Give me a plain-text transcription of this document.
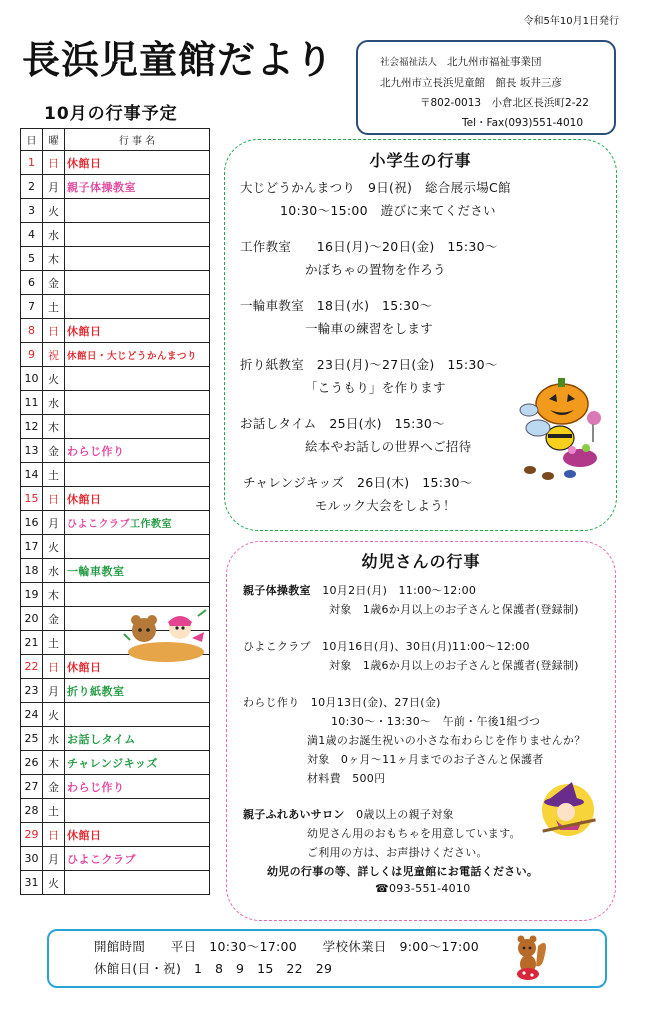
令和5年10月1日発行
長浜児童館だより	社会福祉法人 北九州市福祉事業団
北九州市立長浜児童館　館長 坂井三彦
〒802-0013　小倉北区長浜町2-22
Tel・Fax(093)551-4010
10月の行事予定
日	曜	行 事 名
1	日	休館日
2	月	親子体操教室
3	火	
4	水	
5	木	
6	金	
7	土	
8	日	休館日
9	祝	休館日・大じどうかんまつり
10	火	
11	水	
12	木	
13	金	わらじ作り
14	土	
15	日	休館日
16	月	ひよこクラブ工作教室
17	火	
18	水	一輪車教室
19	木	
20	金	
21	土	
22	日	休館日
23	月	折り紙教室
24	火	
25	水	お話しタイム
26	木	チャレンジキッズ
27	金	わらじ作り
28	土	
29	日	休館日
30	月	ひよこクラブ
31	火	
小学生の行事
大じどうかんまつり　9日(祝)　総合展示場C館
10:30～15:00　遊びに来てください
工作教室　　16日(月)～20日(金)　15:30～
かぼちゃの置物を作ろう
一輪車教室　18日(水)　15:30～
一輪車の練習をします
折り紙教室　23日(月)～27日(金)　15:30～
「こうもり」を作ります
お話しタイム　25日(水)　15:30～
絵本やお話しの世界へご招待
チャレンジキッズ　26日(木)　15:30～
モルック大会をしよう！
幼児さんの行事
親子体操教室 10月2日(月)　11:00～12:00
対象　1歳6か月以上のお子さんと保護者(登録制)
ひよこクラブ　10月16日(月)、30日(月)11:00～12:00
対象　1歳6か月以上のお子さんと保護者(登録制)
わらじ作り　10月13日(金)、27日(金)
10:30～・13:30～　午前・午後1組づつ
満1歳のお誕生祝いの小さな布わらじを作りませんか？
対象　0ヶ月～11ヶ月までのお子さんと保護者
材料費　500円
親子ふれあいサロン 0歳以上の親子対象
幼児さん用のおもちゃを用意しています。
ご利用の方は、お声掛けください。
幼児の行事の等、詳しくは児童館にお電話ください。
☎093-551-4010
開館時間　　平日　10:30～17:00　　学校休業日　9:00～17:00
休館日(日・祝)　1　8　9　15　22　29
